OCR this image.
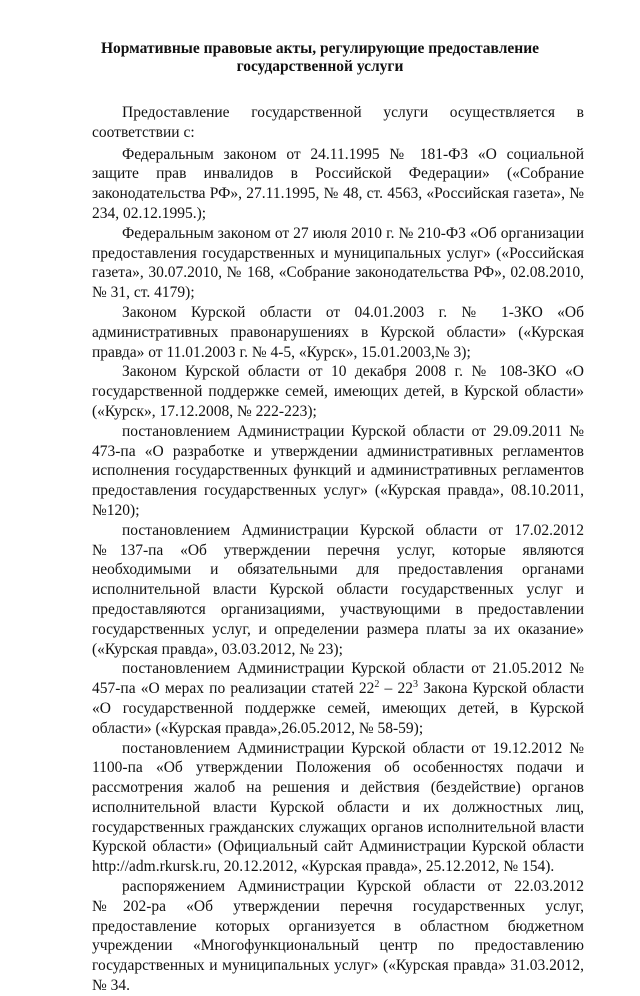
Нормативные правовые акты, регулирующие предоставление
государственной услуги

Предоставление государственной услуги осуществляется в соответствии с:

Федеральным законом от 24.11.1995 № 181-ФЗ «О социальной защите прав инвалидов в Российской Федерации» («Собрание законодательства РФ», 27.11.1995, № 48, ст. 4563, «Российская газета», № 234, 02.12.1995.);

Федеральным законом от 27 июля 2010 г. № 210-ФЗ «Об организации предоставления государственных и муниципальных услуг» («Российская газета», 30.07.2010, № 168, «Собрание законодательства РФ», 02.08.2010, № 31, ст. 4179);

Законом Курской области от 04.01.2003 г. № 1-ЗКО «Об административных правонарушениях в Курской области» («Курская правда» от 11.01.2003 г. № 4-5, «Курск», 15.01.2003,№ 3);

Законом Курской области от 10 декабря 2008 г. № 108-ЗКО «О государственной поддержке семей, имеющих детей, в Курской области» («Курск», 17.12.2008, № 222-223);

постановлением Администрации Курской области от 29.09.2011 № 473-па «О разработке и утверждении административных регламентов исполнения государственных функций и административных регламентов предоставления государственных услуг» («Курская правда», 08.10.2011, №120);

постановлением Администрации Курской области от 17.02.2012 №137-па «Об утверждении перечня услуг, которые являются необходимыми и обязательными для предоставления органами исполнительной власти Курской области государственных услуг и предоставляются организациями, участвующими в предоставлении государственных услуг, и определении размера платы за их оказание» («Курская правда», 03.03.2012, № 23);

постановлением Администрации Курской области от 21.05.2012 № 457-па «О мерах по реализации статей $22^2 - 22^3$ Закона Курской области «О государственной поддержке семей, имеющих детей, в Курской области» («Курская правда»,26.05.2012, № 58-59);

постановлением Администрации Курской области от 19.12.2012 № 1100-па «Об утверждении Положения об особенностях подачи и рассмотрения жалоб на решения и действия (бездействие) органов исполнительной власти Курской области и их должностных лиц, государственных гражданских служащих органов исполнительной власти Курской области» (Официальный сайт Администрации Курской области http://adm.rkursk.ru, 20.12.2012, «Курская правда», 25.12.2012, № 154).

распоряжением Администрации Курской области от 22.03.2012 №202-ра «Об утверждении перечня государственных услуг, предоставление которых организуется в областном бюджетном учреждении «Многофункциональный центр по предоставлению государственных и муниципальных услуг» («Курская правда» 31.03.2012, № 34.
